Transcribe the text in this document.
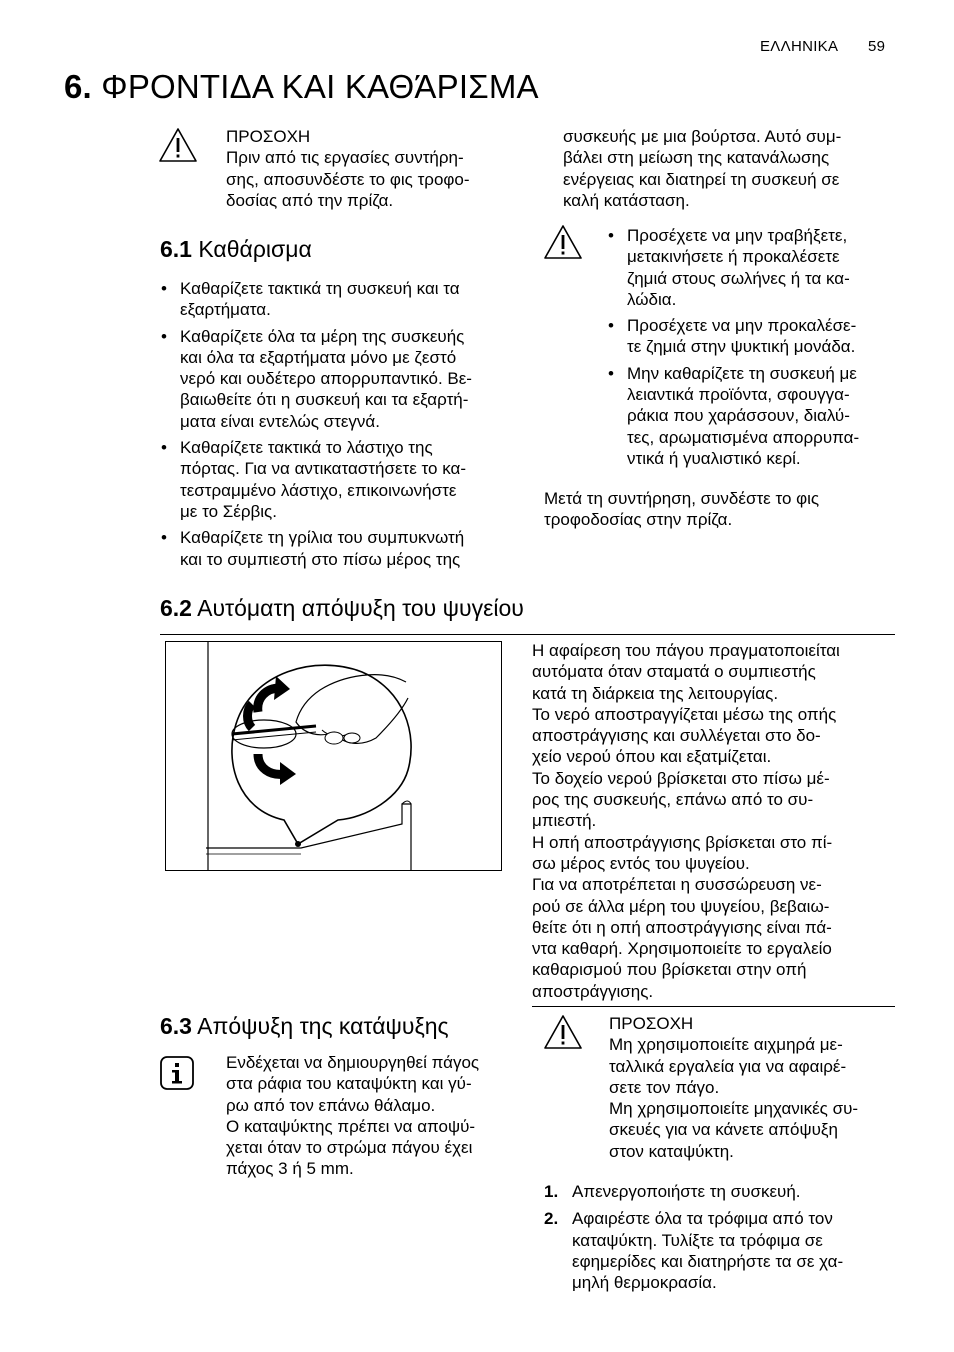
ΕΛΛΗΝΙΚΑ 59
6. ΦΡΟΝΤΙΔΑ ΚΑΙ ΚΑΘΆΡΙΣΜΑ

ΠΡΟΣΟΧΗ

Πριν από τις εργασίες συντήρη-

σης, αποσυνδέστε το φις τροφο-

δοσίας από την πρίζα.

6.1 Καθάρισμα
• Καθαρίζετε τακτικά τη συσκευή και τα
εξαρτήματα.
• Καθαρίζετε όλα τα μέρη της συσκευής
και όλα τα εξαρτήματα μόνο με ζεστό
νερό και ουδέτερο απορρυπαντικό. Βε-
βαιωθείτε ότι η συσκευή και τα εξαρτή-
ματα είναι εντελώς στεγνά.
• Καθαρίζετε τακτικά το λάστιχο της
πόρτας. Για να αντικαταστήσετε το κα-
τεστραμμένο λάστιχο, επικοινωνήστε
με το Σέρβις.
• Καθαρίζετε τη γρίλια του συμπυκνωτή
και το συμπιεστή στο πίσω μέρος της

συσκευής με μια βούρτσα. Αυτό συμ-

βάλει στη μείωση της κατανάλωσης

ενέργειας και διατηρεί τη συσκευή σε

καλή κατάσταση.

• Προσέχετε να μην τραβήξετε,
μετακινήσετε ή προκαλέσετε
ζημιά στους σωλήνες ή τα κα-
λώδια.
• Προσέχετε να μην προκαλέσε-
τε ζημιά στην ψυκτική μονάδα.
• Μην καθαρίζετε τη συσκευή με
λειαντικά προϊόντα, σφουγγα-
ράκια που χαράσσουν, διαλύ-
τες, αρωματισμένα απορρυπα-
ντικά ή γυαλιστικό κερί.

Μετά τη συντήρηση, συνδέστε το φις

τροφοδοσίας στην πρίζα.

6.2 Αυτόματη απόψυξη του ψυγείου

Η αφαίρεση του πάγου πραγματοποιείται

αυτόματα όταν σταματά ο συμπιεστής

κατά τη διάρκεια της λειτουργίας.

Το νερό αποστραγγίζεται μέσω της οπής

αποστράγγισης και συλλέγεται στο δο-

χείο νερού όπου και εξατμίζεται.

Το δοχείο νερού βρίσκεται στο πίσω μέ-

ρος της συσκευής, επάνω από το συ-

μπιεστή.

Η οπή αποστράγγισης βρίσκεται στο πί-

σω μέρος εντός του ψυγείου.

Για να αποτρέπεται η συσσώρευση νε-

ρού σε άλλα μέρη του ψυγείου, βεβαιω-

θείτε ότι η οπή αποστράγγισης είναι πά-

ντα καθαρή. Χρησιμοποιείτε το εργαλείο

καθαρισμού που βρίσκεται στην οπή

αποστράγγισης.

6.3 Απόψυξη της κατάψυξης

Ενδέχεται να δημιουργηθεί πάγος

στα ράφια του καταψύκτη και γύ-

ρω από τον επάνω θάλαμο.

Ο καταψύκτης πρέπει να αποψύ-

χεται όταν το στρώμα πάγου έχει

πάχος 3 ή 5 mm.

ΠΡΟΣΟΧΗ

Μη χρησιμοποιείτε αιχμηρά με-

ταλλικά εργαλεία για να αφαιρέ-

σετε τον πάγο.

Μη χρησιμοποιείτε μηχανικές συ-

σκευές για να κάνετε απόψυξη

στον καταψύκτη.

1. Απενεργοποιήστε τη συσκευή.
2. Αφαιρέστε όλα τα τρόφιμα από τον
καταψύκτη. Τυλίξτε τα τρόφιμα σε
εφημερίδες και διατηρήστε τα σε χα-
μηλή θερμοκρασία.
